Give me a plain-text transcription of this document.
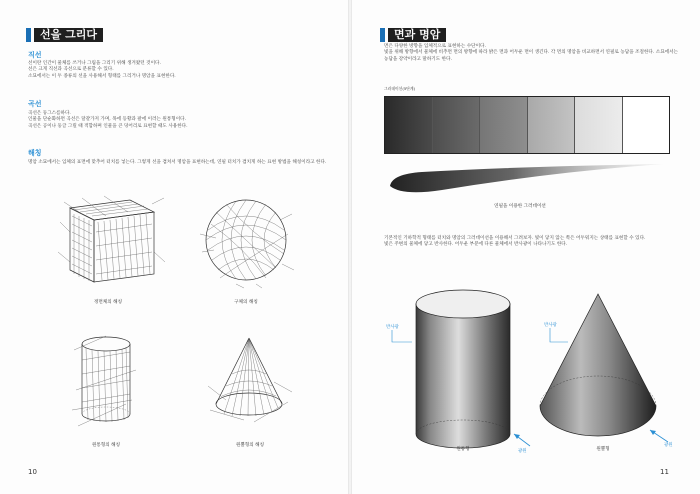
선을 그리다
직선
선이란 인간이 물체를 쓰거나 그림을 그리기 위해 생겨왔던 것이다.
선은 크게 직선과 곡선으로 분류할 수 있다.
소묘에서는 이 두 종류의 선을 사용해서 형태를 그리거나 명암을 표현한다.
곡선
곡선은 둥그스름하다.
인물을 단순화하면 곡선은 달걀가져 가며, 목에 등황과 팔에 이러는 원통형이다.
곡선은 공이나 둥글 그릴 때 적합하며 인물을 큰 덩어리로 표현할 때도 사용한다.
해칭
명암 소묘에서는 입체의 표면에 맞추어 터치를 넣는다. 그렇게 선을 겹쳐서 명암을 표현하는데, 연필 터치가 겹치게 하는 표현 방법을 해칭이라고 한다.
정면체의 해칭	구체의 해칭
원통형의 해칭	원뿔형의 해칭
10
면과 명암
면은 다양한 방향을 입체적으로 표현하는 수단이다.
빛을 위해 방향에서 물체에 비추면 면의 방향에 따라 밝은 면과 어두운 면이 생긴다. 각 면의 명암을 비교하면서 연필로 농담을 조절한다. 소묘에서는
농담을 강약이라고 말하기도 한다.
그러데이션(5단계)
연필을 이용한 그러데이션
기본적인 기하학적 형태를 터치와 명암의 그러데이션을 이용해서 그려보자. 빛이 닿지 않는 쪽은 어두워지는 상태를 표현할 수 있다.
빛은 주변의 물체에 닿고 반사한다. 어두운 부분에 다른 물체에서 반사광이 나타나기도 한다.
원통형	원뿔형
반사광	반사광
광원
광원
11
